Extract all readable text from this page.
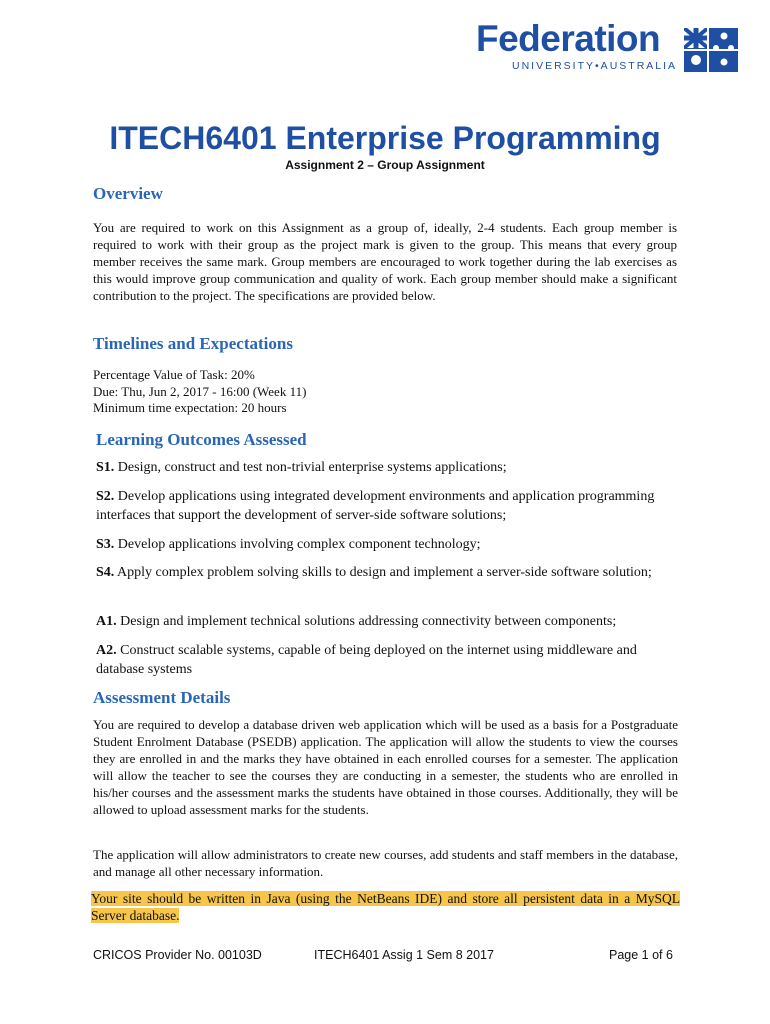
Federation
UNIVERSITY•AUSTRALIA
ITECH6401 Enterprise Programming
Assignment 2 – Group Assignment
Overview
You are required to work on this Assignment as a group of, ideally, 2-4 students. Each group member is required to work with their group as the project mark is given to the group. This means that every group member receives the same mark. Group members are encouraged to work together during the lab exercises as this would improve group communication and quality of work. Each group member should make a significant contribution to the project. The specifications are provided below.
Timelines and Expectations
Percentage Value of Task: 20%
Due: Thu, Jun 2, 2017 - 16:00 (Week 11)
Minimum time expectation: 20 hours
Learning Outcomes Assessed
S1. Design, construct and test non-trivial enterprise systems applications;
S2. Develop applications using integrated development environments and application programming interfaces that support the development of server-side software solutions;
S3. Develop applications involving complex component technology;
S4. Apply complex problem solving skills to design and implement a server-side software solution;
A1. Design and implement technical solutions addressing connectivity between components;
A2. Construct scalable systems, capable of being deployed on the internet using middleware and database systems
Assessment Details
You are required to develop a database driven web application which will be used as a basis for a Postgraduate Student Enrolment Database (PSEDB) application. The application will allow the students to view the courses they are enrolled in and the marks they have obtained in each enrolled courses for a semester. The application will allow the teacher to see the courses they are conducting in a semester, the students who are enrolled in his/her courses and the assessment marks the students have obtained in those courses. Additionally, they will be allowed to upload assessment marks for the students.
The application will allow administrators to create new courses, add students and staff members in the database, and manage all other necessary information.
Your site should be written in Java (using the NetBeans IDE) and store all persistent data in a MySQL Server database.
CRICOS Provider No. 00103D	ITECH6401 Assig 1 Sem 8 2017	Page 1 of 6
